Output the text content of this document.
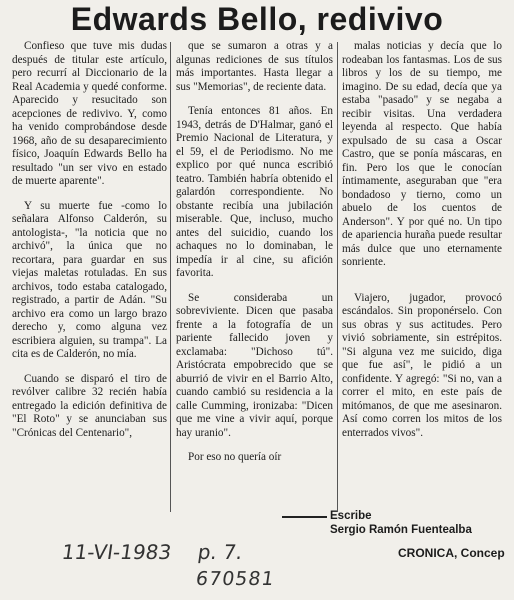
Edwards Bello, redivivo

Confieso que tuve mis dudas después de titular este artículo, pero recurrí al Diccionario de la Real Academia y quedé conforme. Aparecido y resucitado son acepciones de redivivo. Y, como ha venido comprobándose desde 1968, año de su desaparecimiento físico, Joaquín Edwards Bello ha resultado "un ser vivo en estado de muerte aparente".

Y su muerte fue -como lo señalara Alfonso Calderón, su antologista-, "la noticia que no archivó", la única que no recortara, para guardar en sus viejas maletas rotuladas. En sus archivos, todo estaba catalogado, registrado, a partir de Adán. "Su archivo era como un largo brazo derecho y, como alguna vez escribiera alguien, su trampa". La cita es de Calderón, no mía.

Cuando se disparó el tiro de revólver calibre 32 recién había entregado la edición definitiva de "El Roto" y se anunciaban sus "Crónicas del Centenario",

que se sumaron a otras y a algunas rediciones de sus títulos más importantes. Hasta llegar a sus "Memorias", de reciente data.

Tenía entonces 81 años. En 1943, detrás de D'Halmar, ganó el Premio Nacional de Literatura, y el 59, el de Periodismo. No me explico por qué nunca escribió teatro. También habría obtenido el galardón correspondiente. No obstante recibía una jubilación miserable. Que, incluso, mucho antes del suicidio, cuando los achaques no lo dominaban, le impedía ir al cine, su afición favorita.

Se consideraba un sobreviviente. Dicen que pasaba frente a la fotografía de un pariente fallecido joven y exclamaba: "Dichoso tú". Aristócrata empobrecido que se aburrió de vivir en el Barrio Alto, cuando cambió su residencia a la calle Cumming, ironizaba: "Dicen que me vine a vivir aquí, porque hay uranio".

Por eso no quería oír

malas noticias y decía que lo rodeaban los fantasmas. Los de sus libros y los de su tiempo, me imagino. De su edad, decía que ya estaba "pasado" y se negaba a recibir visitas. Una verdadera leyenda al respecto. Que había expulsado de su casa a Oscar Castro, que se ponía máscaras, en fin. Pero los que le conocían íntimamente, aseguraban que "era bondadoso y tierno, como un abuelo de los cuentos de Anderson". Y por qué no. Un tipo de apariencia huraña puede resultar más dulce que uno eternamente sonriente.

Viajero, jugador, provocó escándalos. Sin proponérselo. Con sus obras y sus actitudes. Pero vivió sobriamente, sin estrépitos. "Si alguna vez me suicido, diga que fue así", le pidió a un confidente. Y agregó: "Si no, van a correr el mito, en este país de mitómanos, de que me asesinaron. Así como corren los mitos de los enterrados vivos".

Escribe
Sergio Ramón Fuentealba
CRONICA, Concep
11-VI-1983 p. 7.
670581
